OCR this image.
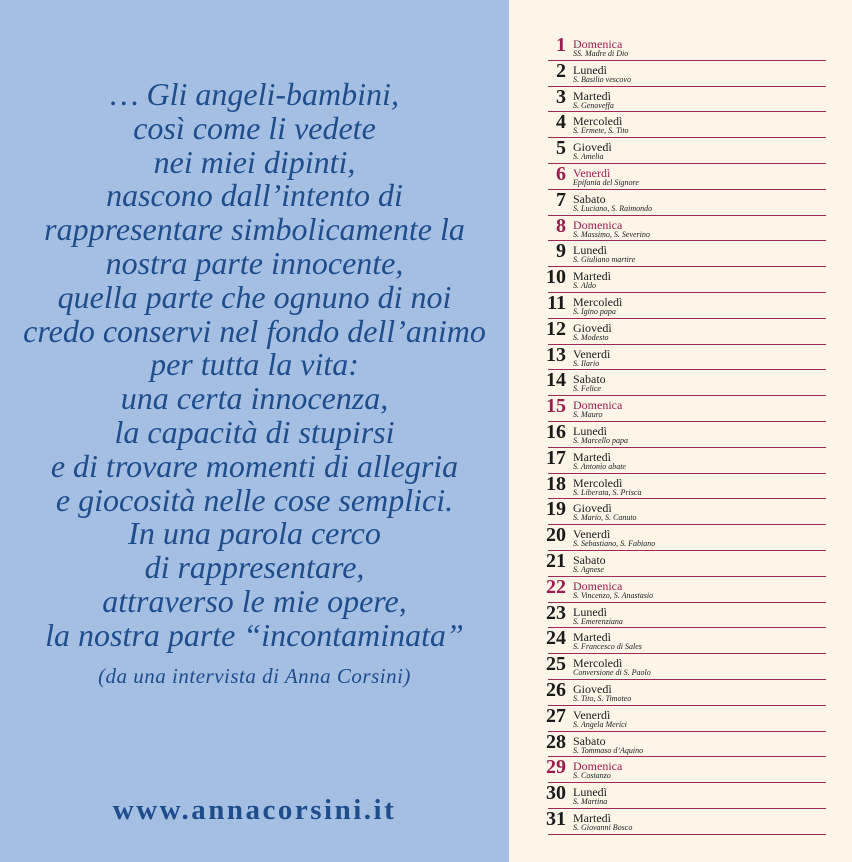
… Gli angeli-bambini,
così come li vedete
nei miei dipinti,
nascono dall’intento di
rappresentare simbolicamente la
nostra parte innocente,
quella parte che ognuno di noi
credo conservi nel fondo dell’animo
per tutta la vita:
una certa innocenza,
la capacità di stupirsi
e di trovare momenti di allegria
e giocosità nelle cose semplici.
In una parola cerco
di rappresentare,
attraverso le mie opere,
la nostra parte “incontaminata”
(da una intervista di Anna Corsini)
www.annacorsini.it
1 Domenica
SS. Madre di Dio
2 Lunedì
S. Basilio vescovo
3 Martedì
S. Genoveffa
4 Mercoledì
S. Ermete, S. Tito
5 Giovedì
S. Amelia
6 Venerdì
Epifania del Signore
7 Sabato
S. Luciano, S. Raimondo
8 Domenica
S. Massimo, S. Severino
9 Lunedì
S. Giuliano martire
10 Martedì
S. Aldo
11 Mercoledì
S. Igino papa
12 Giovedì
S. Modesto
13 Venerdì
S. Ilario
14 Sabato
S. Felice
15 Domenica
S. Mauro
16 Lunedì
S. Marcello papa
17 Martedì
S. Antonio abate
18 Mercoledì
S. Liberata, S. Prisca
19 Giovedì
S. Mario, S. Canuto
20 Venerdì
S. Sebastiano, S. Fabiano
21 Sabato
S. Agnese
22 Domenica
S. Vincenzo, S. Anastasio
23 Lunedì
S. Emerenziana
24 Martedì
S. Francesco di Sales
25 Mercoledì
Conversione di S. Paolo
26 Giovedì
S. Tito, S. Timoteo
27 Venerdì
S. Angela Merici
28 Sabato
S. Tommaso d’Aquino
29 Domenica
S. Costanzo
30 Lunedì
S. Martina
31 Martedì
S. Giovanni Bosco
